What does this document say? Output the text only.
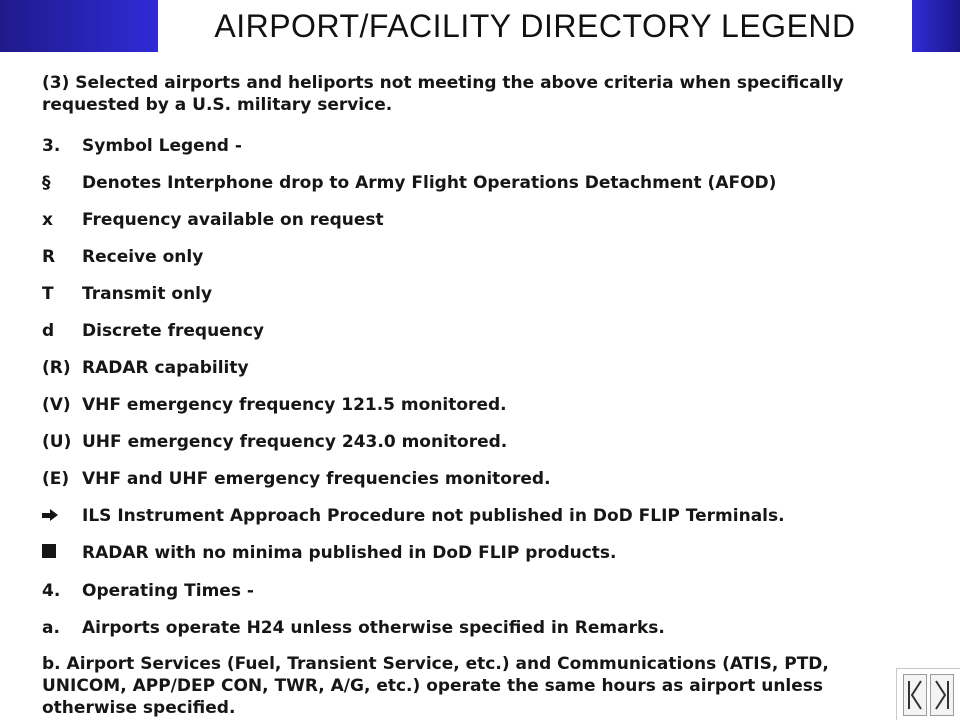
AIRPORT/FACILITY DIRECTORY LEGEND
(3) Selected airports and heliports not meeting the above criteria when specifically requested by a U.S. military service.
3.	Symbol Legend -
§	Denotes Interphone drop to Army Flight Operations Detachment (AFOD)
x	Frequency available on request
R	Receive only
T	Transmit only
d	Discrete frequency
(R) RADAR capability
(V) VHF emergency frequency 121.5 monitored.
(U) UHF emergency frequency 243.0 monitored.
(E) VHF and UHF emergency frequencies monitored.
ILS Instrument Approach Procedure not published in DoD FLIP Terminals.
RADAR with no minima published in DoD FLIP products.
4.	Operating Times -
a.	Airports operate H24 unless otherwise specified in Remarks.
b. Airport Services (Fuel, Transient Service, etc.) and Communications (ATIS, PTD, UNICOM, APP/DEP CON, TWR, A/G, etc.) operate the same hours as airport unless otherwise specified.
